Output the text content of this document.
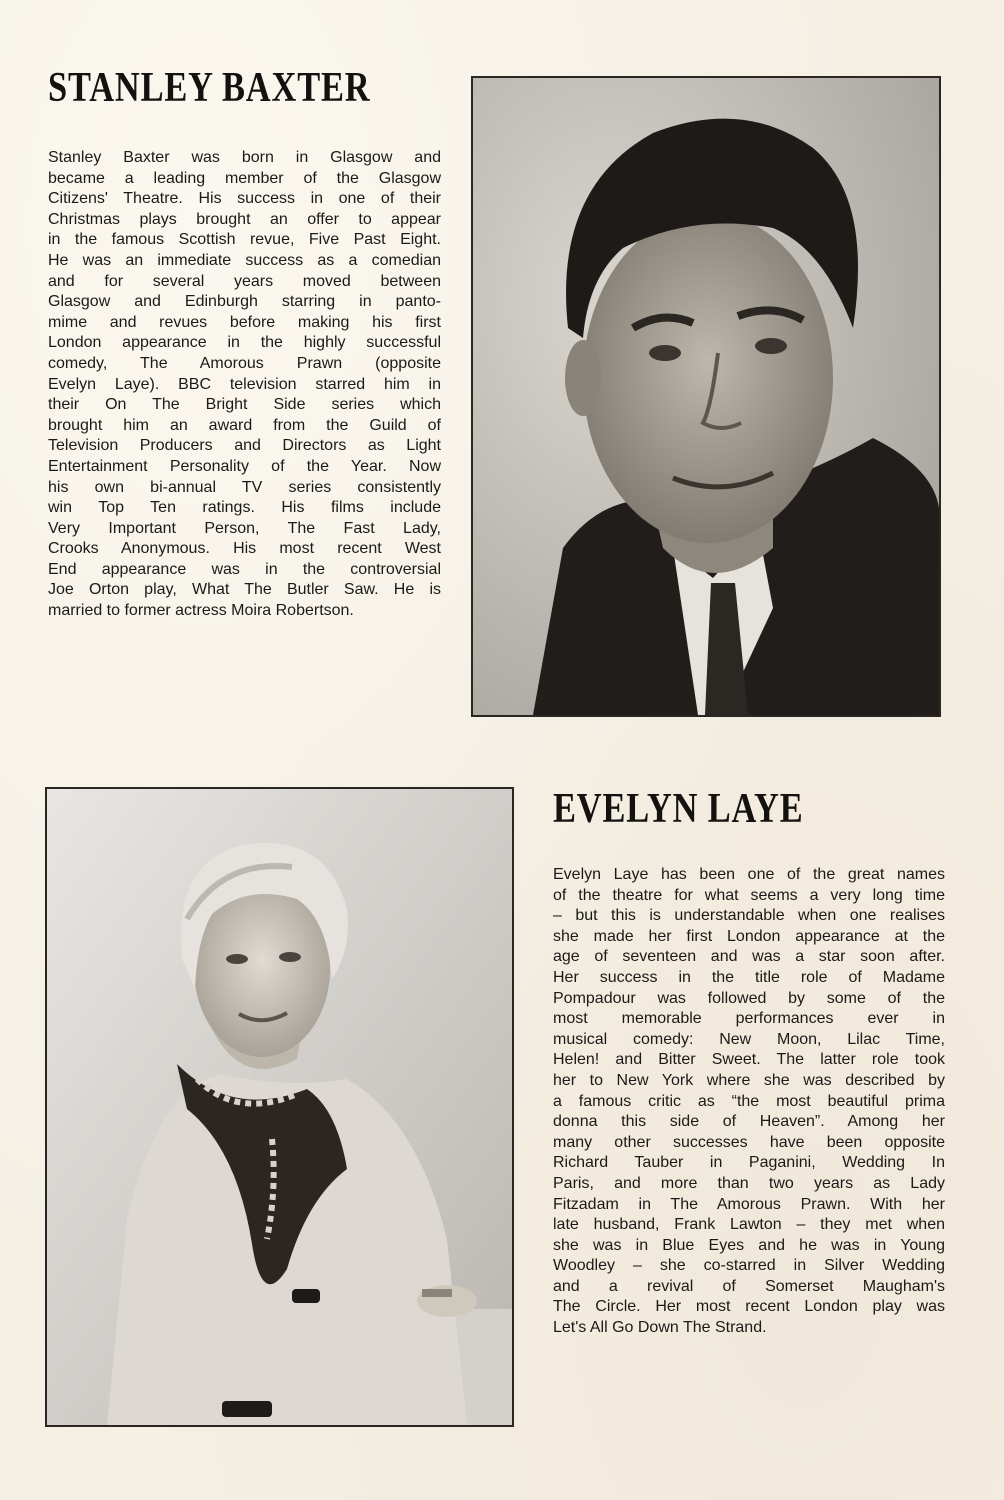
STANLEY BAXTER
Stanley Baxter was born in Glasgow and
became a leading member of the Glasgow
Citizens' Theatre. His success in one of their
Christmas plays brought an offer to appear
in the famous Scottish revue, Five Past Eight.
He was an immediate success as a comedian
and for several years moved between
Glasgow and Edinburgh starring in panto-
mime and revues before making his first
London appearance in the highly successful
comedy, The Amorous Prawn (opposite
Evelyn Laye). BBC television starred him in
their On The Bright Side series which
brought him an award from the Guild of
Television Producers and Directors as Light
Entertainment Personality of the Year. Now
his own bi-annual TV series consistently
win Top Ten ratings. His films include
Very Important Person, The Fast Lady,
Crooks Anonymous. His most recent West
End appearance was in the controversial
Joe Orton play, What The Butler Saw. He is
married to former actress Moira Robertson.
EVELYN LAYE
Evelyn Laye has been one of the great names
of the theatre for what seems a very long time
– but this is understandable when one realises
she made her first London appearance at the
age of seventeen and was a star soon after.
Her success in the title role of Madame
Pompadour was followed by some of the
most memorable performances ever in
musical comedy: New Moon, Lilac Time,
Helen! and Bitter Sweet. The latter role took
her to New York where she was described by
a famous critic as “the most beautiful prima
donna this side of Heaven”. Among her
many other successes have been opposite
Richard Tauber in Paganini, Wedding In
Paris, and more than two years as Lady
Fitzadam in The Amorous Prawn. With her
late husband, Frank Lawton – they met when
she was in Blue Eyes and he was in Young
Woodley – she co-starred in Silver Wedding
and a revival of Somerset Maugham's
The Circle. Her most recent London play was
Let's All Go Down The Strand.
